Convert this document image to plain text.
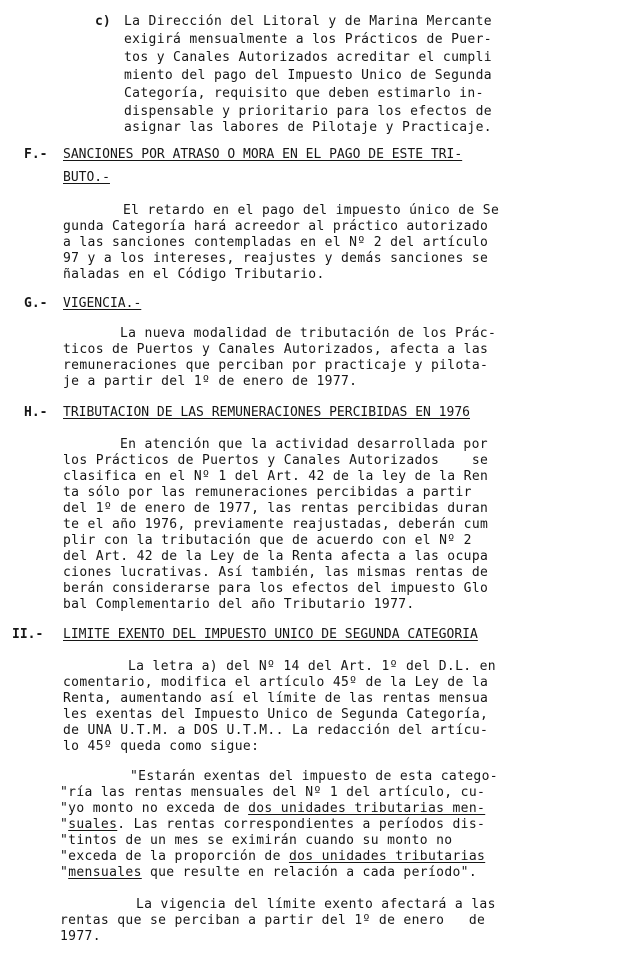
c) La Dirección del Litoral y de Marina Mercante
exigirá mensualmente a los Prácticos de Puer-
tos y Canales Autorizados acreditar el cumpli
miento del pago del Impuesto Unico de Segunda
Categoría, requisito que deben estimarlo in-
dispensable y prioritario para los efectos de
asignar las labores de Pilotaje y Practicaje.
F.- SANCIONES POR ATRASO O MORA EN EL PAGO DE ESTE TRI-
BUTO.-
El retardo en el pago del impuesto único de Se
gunda Categoría hará acreedor al práctico autorizado
a las sanciones contempladas en el Nº 2 del artículo
97 y a los intereses, reajustes y demás sanciones se
ñaladas en el Código Tributario.
G.- VIGENCIA.-
La nueva modalidad de tributación de los Prác-
ticos de Puertos y Canales Autorizados, afecta a las
remuneraciones que perciban por practicaje y pilota-
je a partir del 1º de enero de 1977.
H.- TRIBUTACION DE LAS REMUNERACIONES PERCIBIDAS EN 1976
En atención que la actividad desarrollada por
los Prácticos de Puertos y Canales Autorizados    se
clasifica en el Nº 1 del Art. 42 de la ley de la Ren
ta sólo por las remuneraciones percibidas a partir
del 1º de enero de 1977, las rentas percibidas duran
te el año 1976, previamente reajustadas, deberán cum
plir con la tributación que de acuerdo con el Nº 2
del Art. 42 de la Ley de la Renta afecta a las ocupa
ciones lucrativas. Así también, las mismas rentas de
berán considerarse para los efectos del impuesto Glo
bal Complementario del año Tributario 1977.
II.- LIMITE EXENTO DEL IMPUESTO UNICO DE SEGUNDA CATEGORIA
La letra a) del Nº 14 del Art. 1º del D.L. en
comentario, modifica el artículo 45º de la Ley de la
Renta, aumentando así el límite de las rentas mensua
les exentas del Impuesto Unico de Segunda Categoría,
de UNA U.T.M. a DOS U.T.M.. La redacción del artícu-
lo 45º queda como sigue:
"Estarán exentas del impuesto de esta catego-
"ría las rentas mensuales del Nº 1 del artículo, cu-
"yo monto no exceda de dos unidades tributarias men-
"suales. Las rentas correspondientes a períodos dis-
"tintos de un mes se eximirán cuando su monto no
"exceda de la proporción de dos unidades tributarias
"mensuales que resulte en relación a cada período".
La vigencia del límite exento afectará a las
rentas que se perciban a partir del 1º de enero   de
1977.
